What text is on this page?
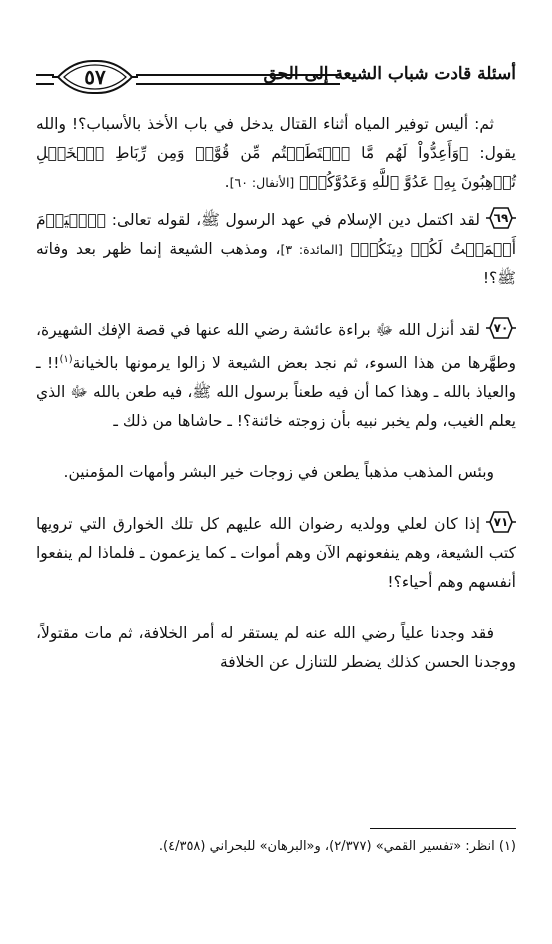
أسئلة قادت شباب الشيعة إلى الحق
٥٧

ثم: أليس توفير المياه أثناء القتال يدخل في باب الأخذ بالأسباب؟! والله يقول: ﴿وَأَعِدُّواْ لَهُم مَّا ٱسۡتَطَعۡتُم مِّن قُوَّةٖ وَمِن رِّبَاطِ ٱلۡخَيۡلِ تُرۡهِبُونَ بِهِۦ عَدُوَّ ٱللَّهِ وَعَدُوَّكُمۡ﴾ [الأنفال: ٦٠].

٦٩
لقد اكتمل دين الإسلام في عهد الرسول ﷺ، لقوله تعالى: ﴿ٱلۡيَوۡمَ أَكۡمَلۡتُ لَكُمۡ دِينَكُمۡ﴾ [المائدة: ٣]، ومذهب الشيعة إنما ظهر بعد وفاته ﷺ؟!

٧٠
لقد أنزل الله ﷻ براءة عائشة رضي الله عنها في قصة الإفك الشهيرة، وطهَّرها من هذا السوء، ثم نجد بعض الشيعة لا زالوا يرمونها بالخيانة$^{(١)}$!! ـ والعياذ بالله ـ وهذا كما أن فيه طعناً برسول الله ﷺ، فيه طعن بالله ﷻ الذي يعلم الغيب، ولم يخبر نبيه بأن زوجته خائنة؟! ـ حاشاها من ذلك ـ

وبئس المذهب مذهباً يطعن في زوجات خير البشر وأمهات المؤمنين.

٧١
إذا كان لعلي وولديه رضوان الله عليهم كل تلك الخوارق التي ترويها كتب الشيعة، وهم ينفعونهم الآن وهم أموات ـ كما يزعمون ـ فلماذا لم ينفعوا أنفسهم وهم أحياء؟!

فقد وجدنا علياً رضي الله عنه لم يستقر له أمر الخلافة، ثم مات مقتولاً، ووجدنا الحسن كذلك يضطر للتنازل عن الخلافة

(١) انظر: «تفسير القمي» (٢/٣٧٧)، و«البرهان» للبحراني (٤/٣٥٨).
